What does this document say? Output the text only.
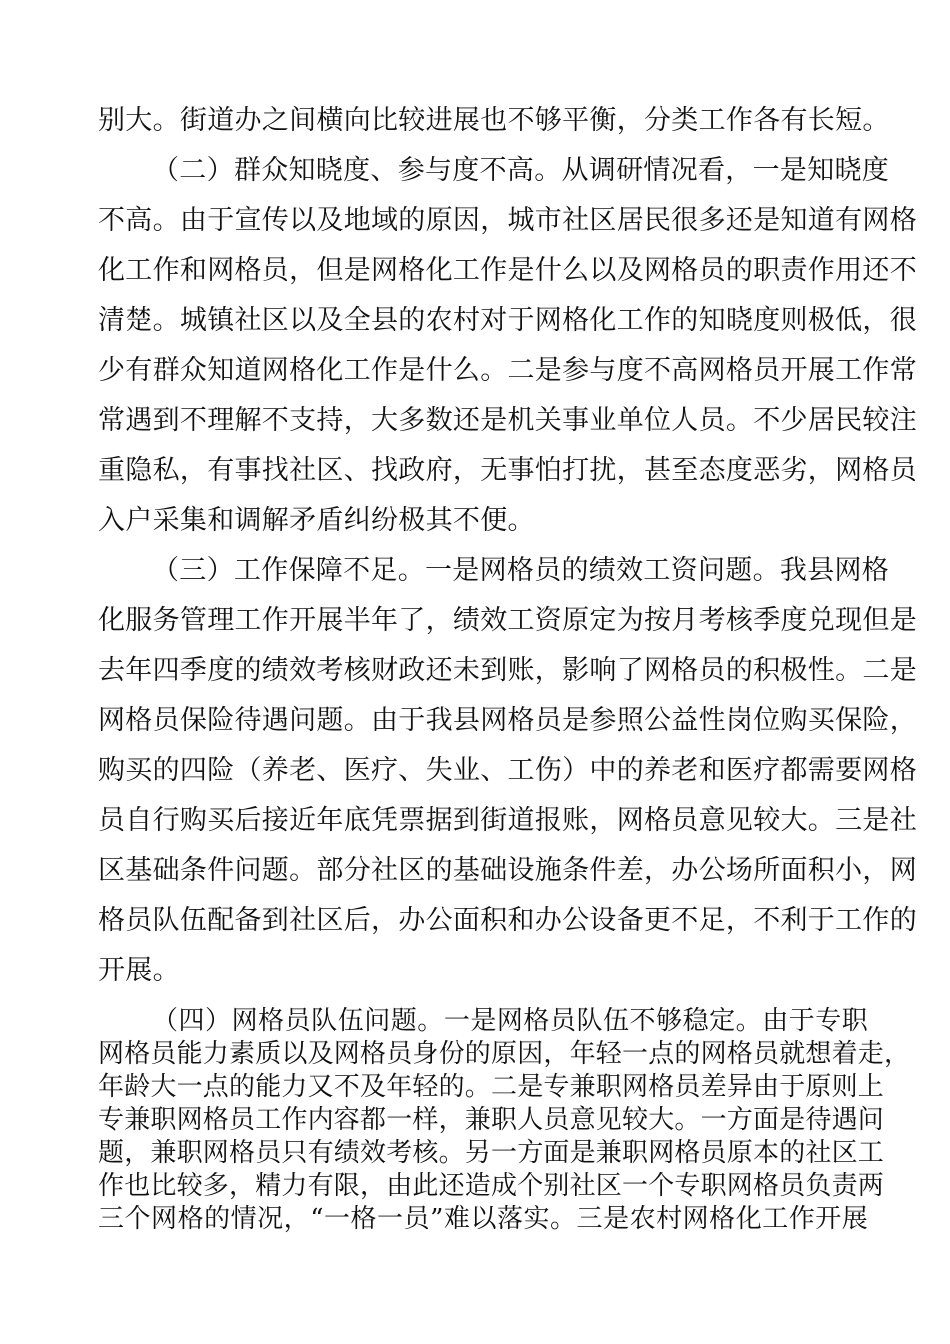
别大。街道办之间横向比较进展也不够平衡，分类工作各有长短。
（二）群众知晓度、参与度不高。从调研情况看，一是知晓度
不高。由于宣传以及地域的原因，城市社区居民很多还是知道有网格
化工作和网格员，但是网格化工作是什么以及网格员的职责作用还不
清楚。城镇社区以及全县的农村对于网格化工作的知晓度则极低，很
少有群众知道网格化工作是什么。二是参与度不高网格员开展工作常
常遇到不理解不支持，大多数还是机关事业单位人员。不少居民较注
重隐私，有事找社区、找政府，无事怕打扰，甚至态度恶劣，网格员
入户采集和调解矛盾纠纷极其不便。
（三）工作保障不足。一是网格员的绩效工资问题。我县网格
化服务管理工作开展半年了，绩效工资原定为按月考核季度兑现但是
去年四季度的绩效考核财政还未到账，影响了网格员的积极性。二是
网格员保险待遇问题。由于我县网格员是参照公益性岗位购买保险，
购买的四险（养老、医疗、失业、工伤）中的养老和医疗都需要网格
员自行购买后接近年底凭票据到街道报账，网格员意见较大。三是社
区基础条件问题。部分社区的基础设施条件差，办公场所面积小，网
格员队伍配备到社区后，办公面积和办公设备更不足，不利于工作的
开展。
（四）网格员队伍问题。一是网格员队伍不够稳定。由于专职
网格员能力素质以及网格员身份的原因，年轻一点的网格员就想着走，
年龄大一点的能力又不及年轻的。二是专兼职网格员差异由于原则上
专兼职网格员工作内容都一样，兼职人员意见较大。一方面是待遇问
题，兼职网格员只有绩效考核。另一方面是兼职网格员原本的社区工
作也比较多，精力有限，由此还造成个别社区一个专职网格员负责两
三个网格的情况，“一格一员”难以落实。三是农村网格化工作开展
